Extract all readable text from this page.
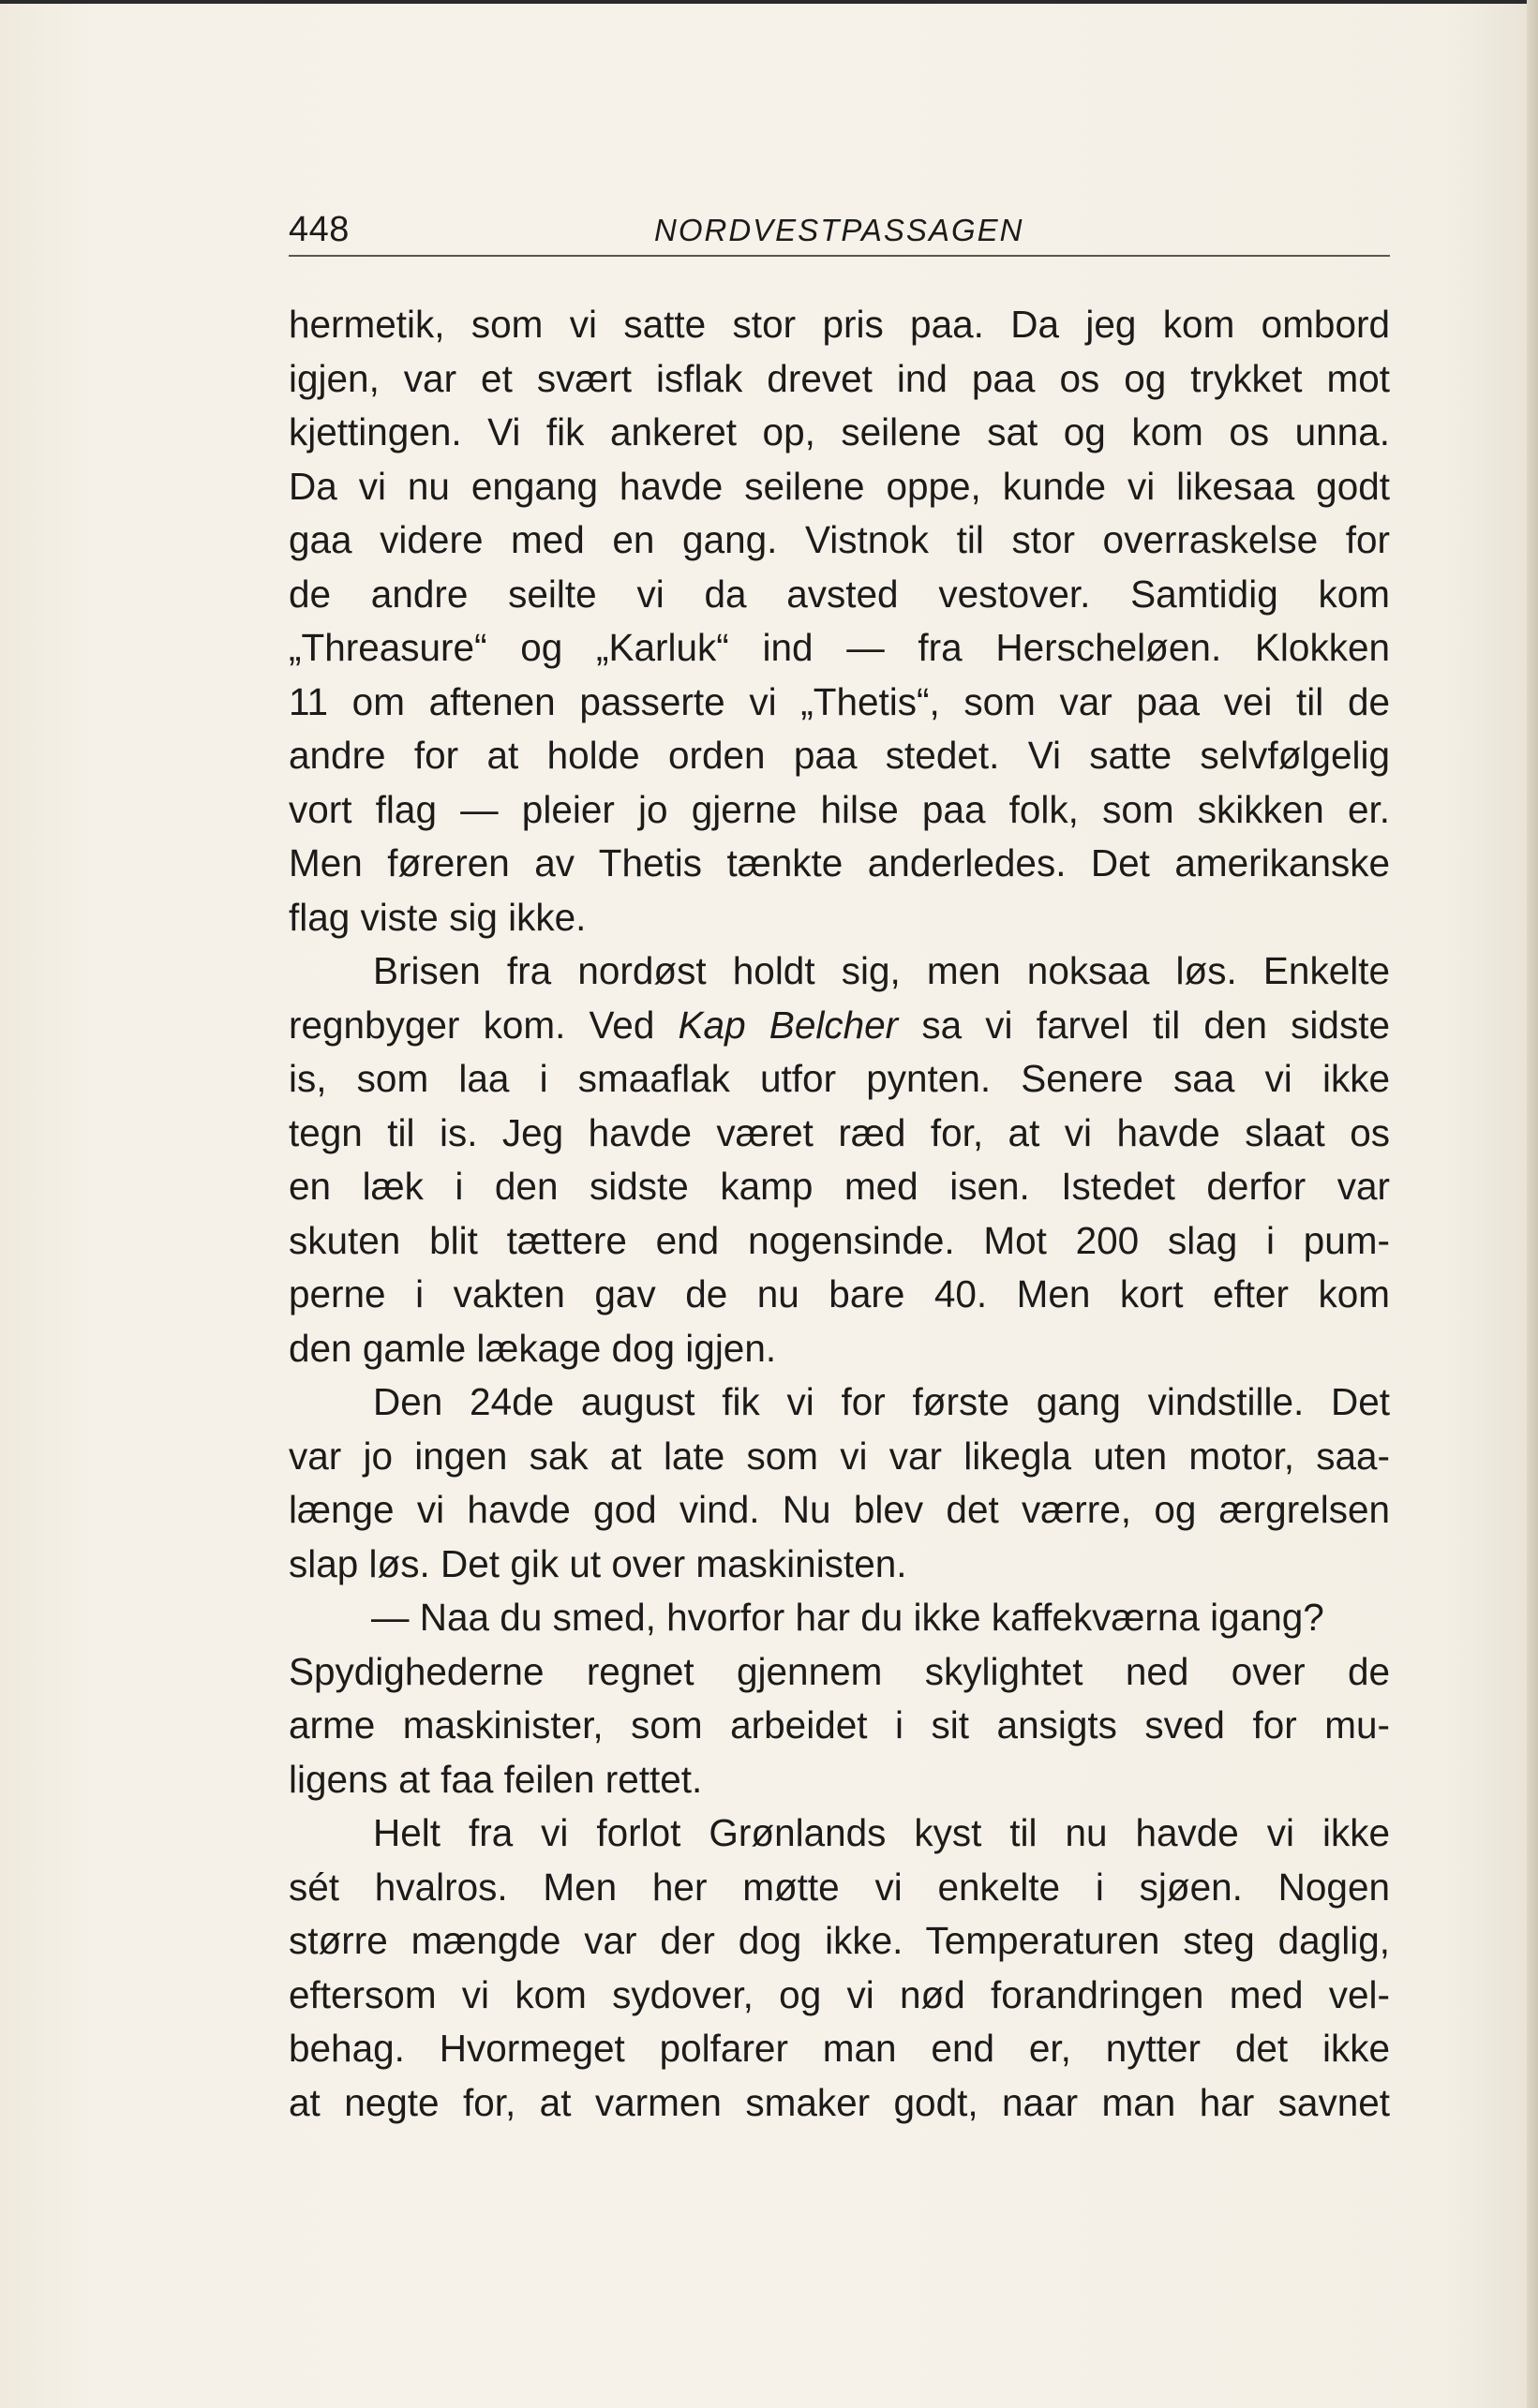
448	NORDVESTPASSAGEN
hermetik, som vi satte stor pris paa. Da jeg kom ombord
igjen, var et svært isflak drevet ind paa os og trykket mot
kjettingen. Vi fik ankeret op, seilene sat og kom os unna.
Da vi nu engang havde seilene oppe, kunde vi likesaa godt
gaa videre med en gang. Vistnok til stor overraskelse for
de andre seilte vi da avsted vestover. Samtidig kom
„Threasure“ og „Karluk“ ind — fra Herscheløen. Klokken
11 om aftenen passerte vi „Thetis“, som var paa vei til de
andre for at holde orden paa stedet. Vi satte selvfølgelig
vort flag — pleier jo gjerne hilse paa folk, som skikken er.
Men føreren av Thetis tænkte anderledes. Det amerikanske
flag viste sig ikke.
Brisen fra nordøst holdt sig, men noksaa løs. Enkelte
regnbyger kom. Ved Kap Belcher sa vi farvel til den sidste
is, som laa i smaaflak utfor pynten. Senere saa vi ikke
tegn til is. Jeg havde været ræd for, at vi havde slaat os
en læk i den sidste kamp med isen. Istedet derfor var
skuten blit tættere end nogensinde. Mot 200 slag i pum-
perne i vakten gav de nu bare 40. Men kort efter kom
den gamle lækage dog igjen.
Den 24de august fik vi for første gang vindstille. Det
var jo ingen sak at late som vi var likegla uten motor, saa-
længe vi havde god vind. Nu blev det værre, og ærgrelsen
slap løs. Det gik ut over maskinisten.
— Naa du smed, hvorfor har du ikke kaffekværna igang?
Spydighederne regnet gjennem skylightet ned over de
arme maskinister, som arbeidet i sit ansigts sved for mu-
ligens at faa feilen rettet.
Helt fra vi forlot Grønlands kyst til nu havde vi ikke
sét hvalros. Men her møtte vi enkelte i sjøen. Nogen
større mængde var der dog ikke. Temperaturen steg daglig,
eftersom vi kom sydover, og vi nød forandringen med vel-
behag. Hvormeget polfarer man end er, nytter det ikke
at negte for, at varmen smaker godt, naar man har savnet
